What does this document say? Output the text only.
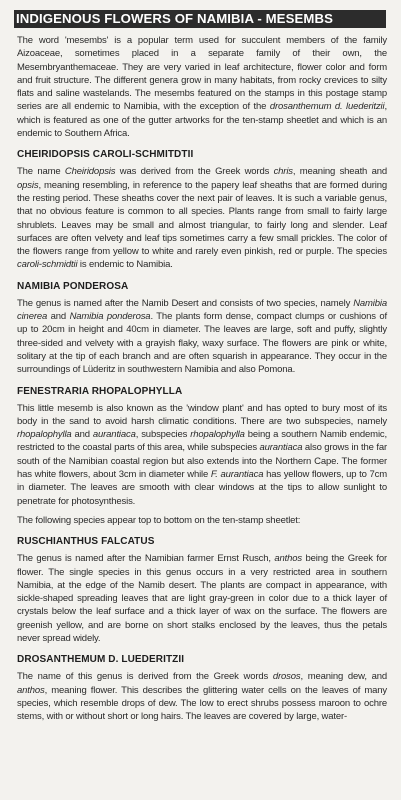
INDIGENOUS FLOWERS OF NAMIBIA - MESEMBS

The word 'mesembs' is a popular term used for succulent members of the family Aizoaceae, sometimes placed in a separate family of their own, the Mesembryanthemaceae. They are very varied in leaf architecture, flower color and form and fruit structure. The different genera grow in many habitats, from rocky crevices to silty flats and saline wastelands. The mesembs featured on the stamps in this postage stamp series are all endemic to Namibia, with the exception of the drosanthemum d. luederitzii, which is featured as one of the gutter artworks for the ten-stamp sheetlet and which is an endemic to Southern Africa.

CHEIRIDOPSIS CAROLI-SCHMITDTII

The name Cheiridopsis was derived from the Greek words chris, meaning sheath and opsis, meaning resembling, in reference to the papery leaf sheaths that are formed during the resting period. These sheaths cover the next pair of leaves. It is such a variable genus, that no obvious feature is common to all species. Plants range from small to fairly large shrublets. Leaves may be small and almost triangular, to fairly long and slender. Leaf surfaces are often velvety and leaf tips sometimes carry a few small prickles. The color of the flowers range from yellow to white and rarely even pinkish, red or purple. The species caroli-schmidtii is endemic to Namibia.

NAMIBIA PONDEROSA

The genus is named after the Namib Desert and consists of two species, namely Namibia cinerea and Namibia ponderosa. The plants form dense, compact clumps or cushions of up to 20cm in height and 40cm in diameter. The leaves are large, soft and puffy, slightly three-sided and velvety with a grayish flaky, waxy surface. The flowers are pink or white, solitary at the tip of each branch and are often squarish in appearance. They occur in the surroundings of Lüderitz in southwestern Namibia and also Pomona.

FENESTRARIA RHOPALOPHYLLA

This little mesemb is also known as the 'window plant' and has opted to bury most of its body in the sand to avoid harsh climatic conditions. There are two subspecies, namely rhopalophylla and aurantiaca, subspecies rhopalophylla being a southern Namib endemic, restricted to the coastal parts of this area, while subspecies aurantiaca also grows in the far south of the Namibian coastal region but also extends into the Northern Cape. The former has white flowers, about 3cm in diameter while F. aurantiaca has yellow flowers, up to 7cm in diameter. The leaves are smooth with clear windows at the tips to allow sunlight to penetrate for photosynthesis.

The following species appear top to bottom on the ten-stamp sheetlet:

RUSCHIANTHUS FALCATUS

The genus is named after the Namibian farmer Ernst Rusch, anthos being the Greek for flower. The single species in this genus occurs in a very restricted area in southern Namibia, at the edge of the Namib desert. The plants are compact in appearance, with sickle-shaped spreading leaves that are light gray-green in color due to a thick layer of crystals below the leaf surface and a thick layer of wax on the surface. The flowers are greenish yellow, and are borne on short stalks enclosed by the leaves, thus the petals never spread widely.

DROSANTHEMUM D. LUEDERITZII

The name of this genus is derived from the Greek words drosos, meaning dew, and anthos, meaning flower. This describes the glittering water cells on the leaves of many species, which resemble drops of dew. The low to erect shrubs possess maroon to ochre stems, with or without short or long hairs. The leaves are covered by large, water-
